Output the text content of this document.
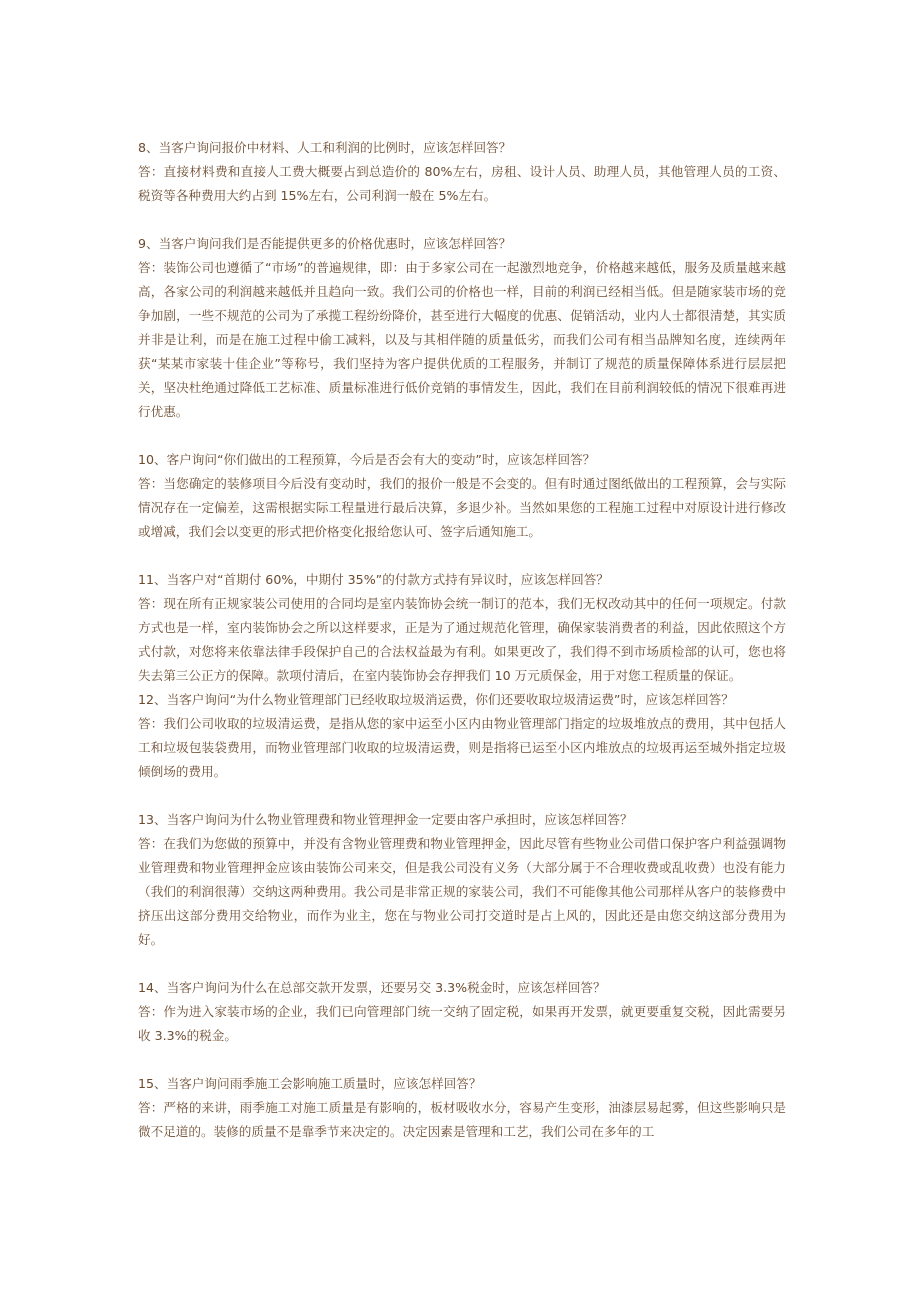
8、当客户询问报价中材料、人工和利润的比例时，应该怎样回答？

答：直接材料费和直接人工费大概要占到总造价的 80%左右，房租、设计人员、助理人员，其他管理人员的工资、税资等各种费用大约占到 15%左右，公司利润一般在 5%左右。

9、当客户询问我们是否能提供更多的价格优惠时，应该怎样回答？

答：装饰公司也遵循了“市场”的普遍规律，即：由于多家公司在一起激烈地竞争，价格越来越低，服务及质量越来越高，各家公司的利润越来越低并且趋向一致。我们公司的价格也一样，目前的利润已经相当低。但是随家装市场的竞争加剧，一些不规范的公司为了承揽工程纷纷降价，甚至进行大幅度的优惠、促销活动，业内人士都很清楚，其实质并非是让利，而是在施工过程中偷工减料，以及与其相伴随的质量低劣，而我们公司有相当品牌知名度，连续两年获“某某市家装十佳企业”等称号，我们坚持为客户提供优质的工程服务，并制订了规范的质量保障体系进行层层把关，坚决杜绝通过降低工艺标准、质量标准进行低价竞销的事情发生，因此，我们在目前利润较低的情况下很难再进行优惠。

10、客户询问“你们做出的工程预算，今后是否会有大的变动”时，应该怎样回答？

答：当您确定的装修项目今后没有变动时，我们的报价一般是不会变的。但有时通过图纸做出的工程预算，会与实际情况存在一定偏差，这需根据实际工程量进行最后决算，多退少补。当然如果您的工程施工过程中对原设计进行修改或增减，我们会以变更的形式把价格变化报给您认可、签字后通知施工。

11、当客户对“首期付 60%，中期付 35%”的付款方式持有异议时，应该怎样回答？

答：现在所有正规家装公司使用的合同均是室内装饰协会统一制订的范本，我们无权改动其中的任何一项规定。付款方式也是一样，室内装饰协会之所以这样要求，正是为了通过规范化管理，确保家装消费者的利益，因此依照这个方式付款，对您将来依靠法律手段保护自己的合法权益最为有利。如果更改了，我们得不到市场质检部的认可，您也将失去第三公正方的保障。款项付清后，在室内装饰协会存押我们 10 万元质保金，用于对您工程质量的保证。

12、当客户询问“为什么物业管理部门已经收取垃圾消运费，你们还要收取垃圾清运费”时，应该怎样回答？

答：我们公司收取的垃圾清运费，是指从您的家中运至小区内由物业管理部门指定的垃圾堆放点的费用，其中包括人工和垃圾包装袋费用，而物业管理部门收取的垃圾清运费，则是指将已运至小区内堆放点的垃圾再运至城外指定垃圾倾倒场的费用。

13、当客户询问为什么物业管理费和物业管理押金一定要由客户承担时，应该怎样回答？

答：在我们为您做的预算中，并没有含物业管理费和物业管理押金，因此尽管有些物业公司借口保护客户利益强调物业管理费和物业管理押金应该由装饰公司来交，但是我公司没有义务（大部分属于不合理收费或乱收费）也没有能力（我们的利润很薄）交纳这两种费用。我公司是非常正规的家装公司，我们不可能像其他公司那样从客户的装修费中挤压出这部分费用交给物业，而作为业主，您在与物业公司打交道时是占上风的，因此还是由您交纳这部分费用为好。

14、当客户询问为什么在总部交款开发票，还要另交 3.3%税金时，应该怎样回答？

答：作为进入家装市场的企业，我们已向管理部门统一交纳了固定税，如果再开发票，就更要重复交税，因此需要另收 3.3%的税金。

15、当客户询问雨季施工会影响施工质量时，应该怎样回答？

答：严格的来讲，雨季施工对施工质量是有影响的，板材吸收水分，容易产生变形，油漆层易起雾，但这些影响只是微不足道的。装修的质量不是靠季节来决定的。决定因素是管理和工艺，我们公司在多年的工
